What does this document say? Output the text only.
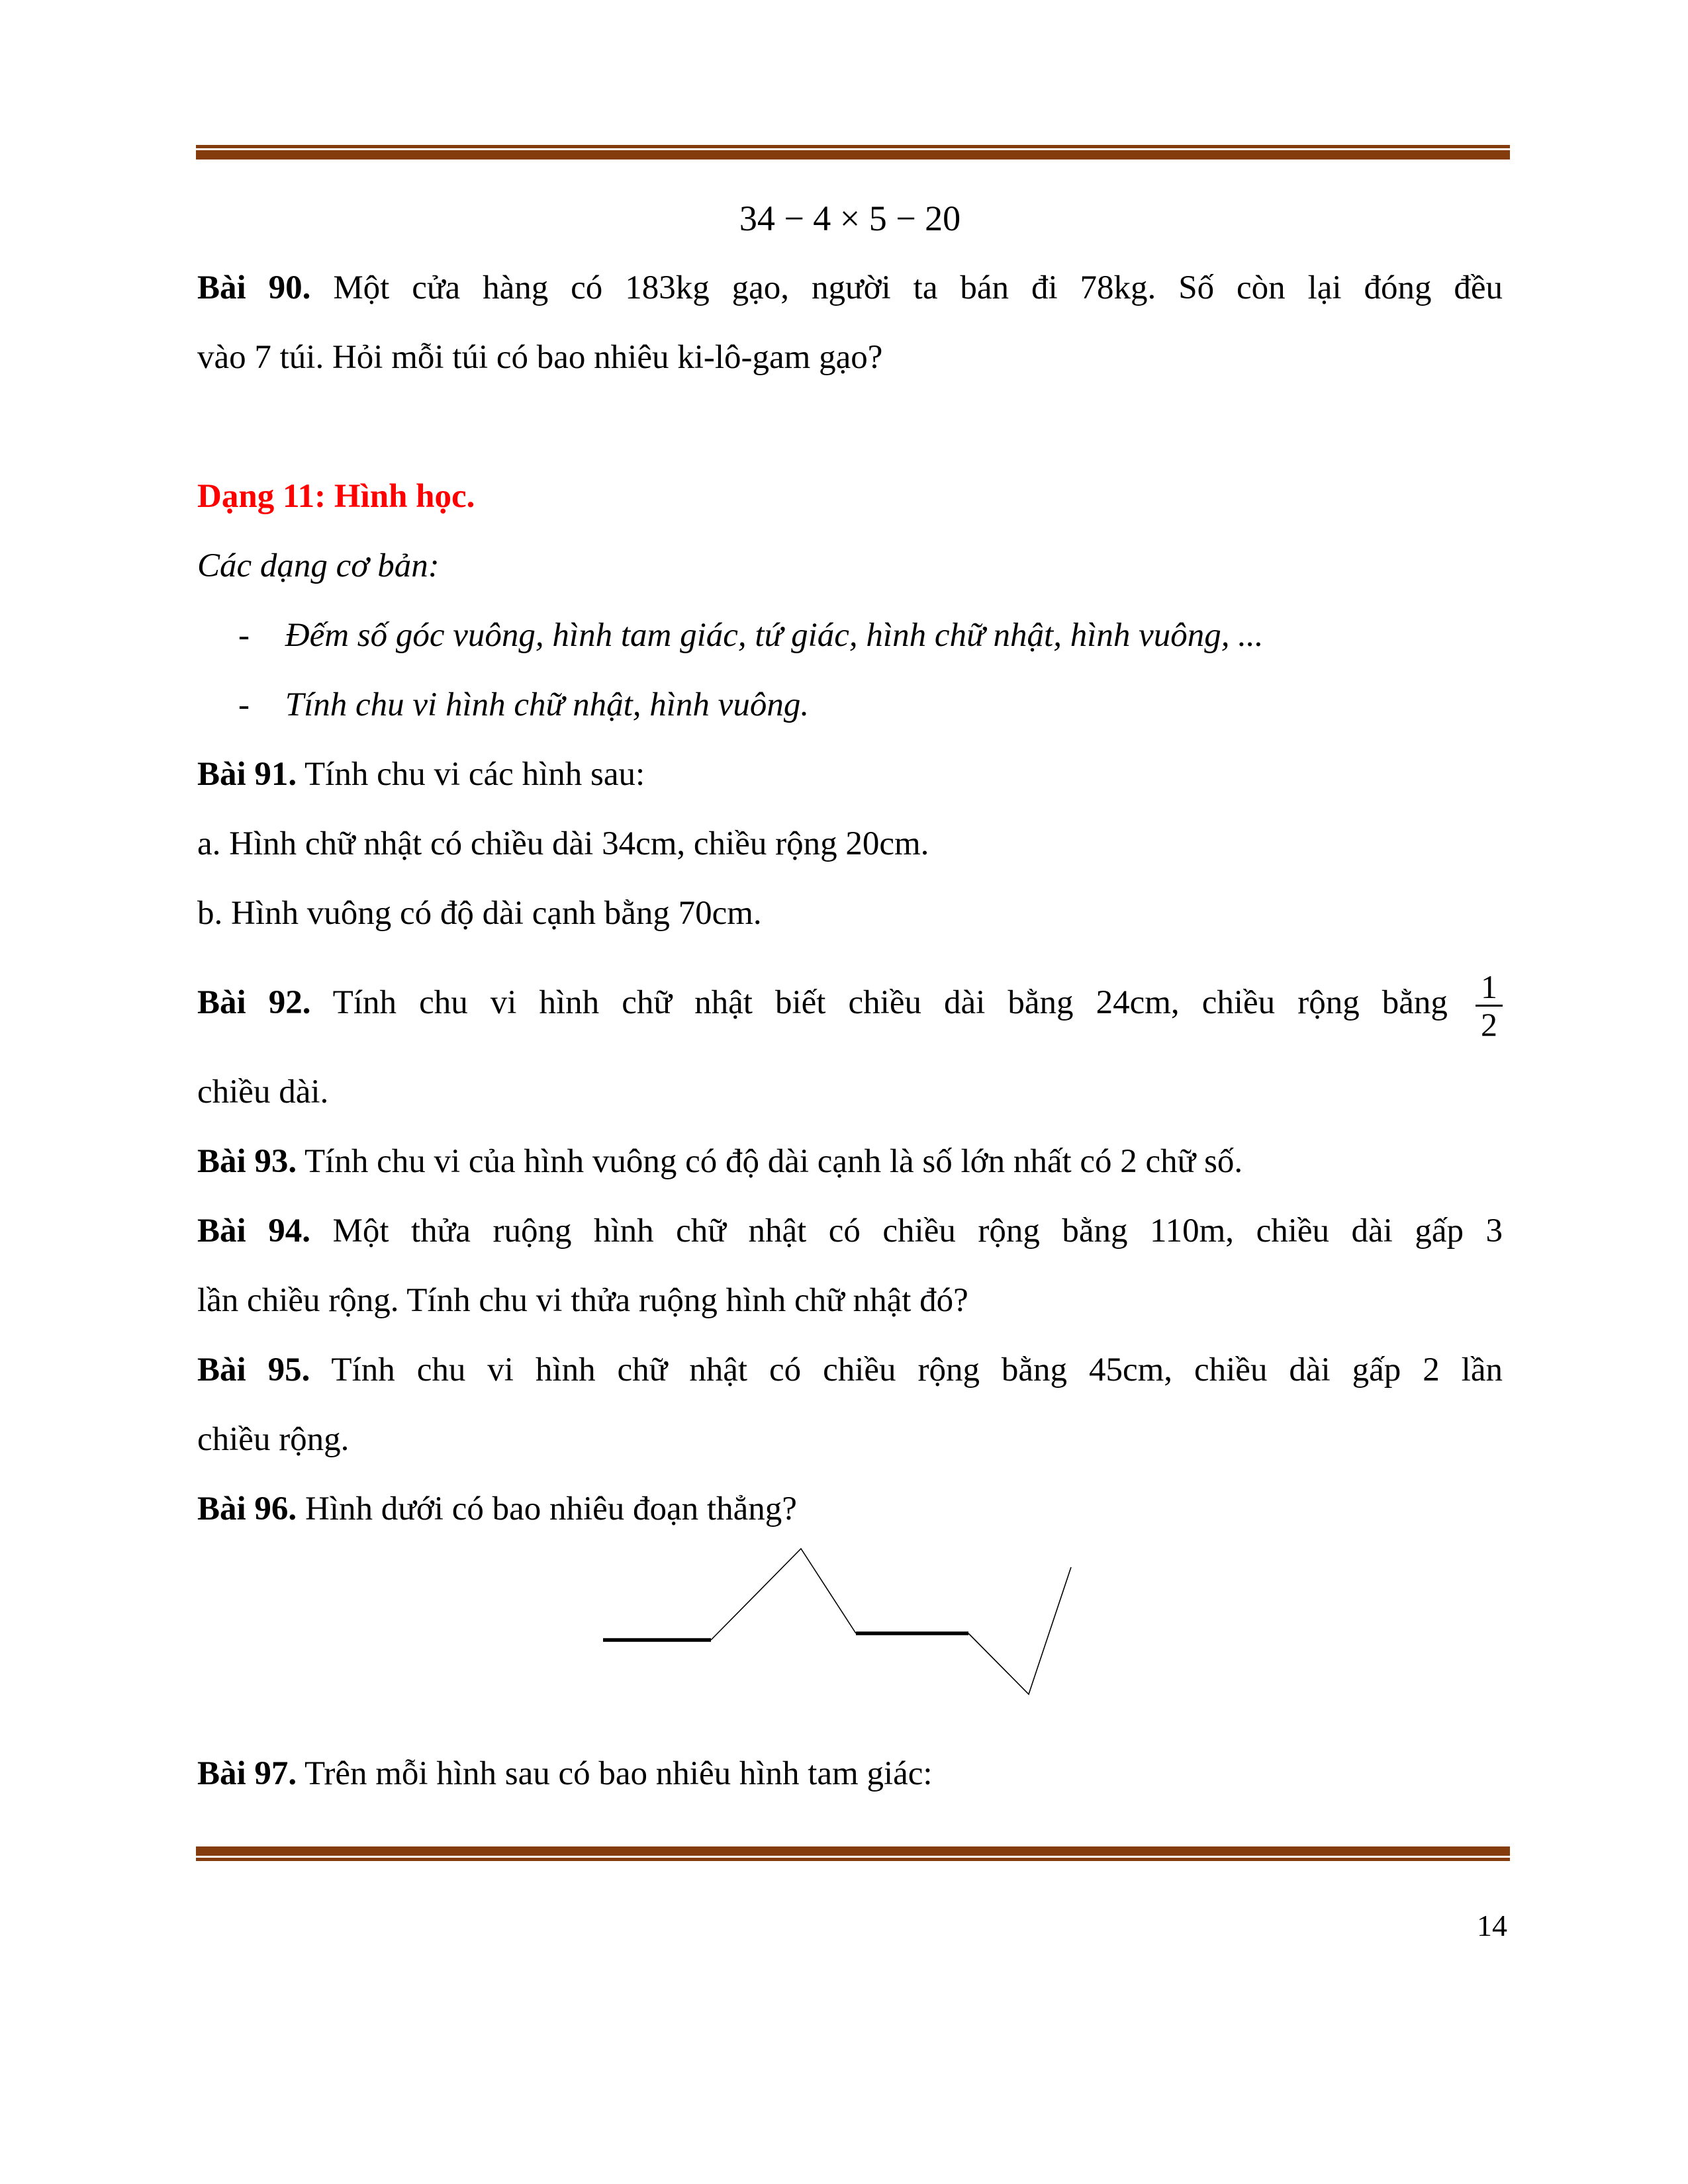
34 − 4 × 5 − 20
Bài 90. Một cửa hàng có 183kg gạo, người ta bán đi 78kg. Số còn lại đóng đều
vào 7 túi. Hỏi mỗi túi có bao nhiêu ki-lô-gam gạo?
Dạng 11: Hình học.
Các dạng cơ bản:
- Đếm số góc vuông, hình tam giác, tứ giác, hình chữ nhật, hình vuông, ...
- Tính chu vi hình chữ nhật, hình vuông.
Bài 91. Tính chu vi các hình sau:
a. Hình chữ nhật có chiều dài 34cm, chiều rộng 20cm.
b. Hình vuông có độ dài cạnh bằng 70cm.
Bài 92. Tính chu vi hình chữ nhật biết chiều dài bằng 24cm, chiều rộng bằng $\frac{1}{2}$
chiều dài.
Bài 93. Tính chu vi của hình vuông có độ dài cạnh là số lớn nhất có 2 chữ số.
Bài 94. Một thửa ruộng hình chữ nhật có chiều rộng bằng 110m, chiều dài gấp 3
lần chiều rộng. Tính chu vi thửa ruộng hình chữ nhật đó?
Bài 95. Tính chu vi hình chữ nhật có chiều rộng bằng 45cm, chiều dài gấp 2 lần
chiều rộng.
Bài 96. Hình dưới có bao nhiêu đoạn thẳng?
Bài 97. Trên mỗi hình sau có bao nhiêu hình tam giác:
14
